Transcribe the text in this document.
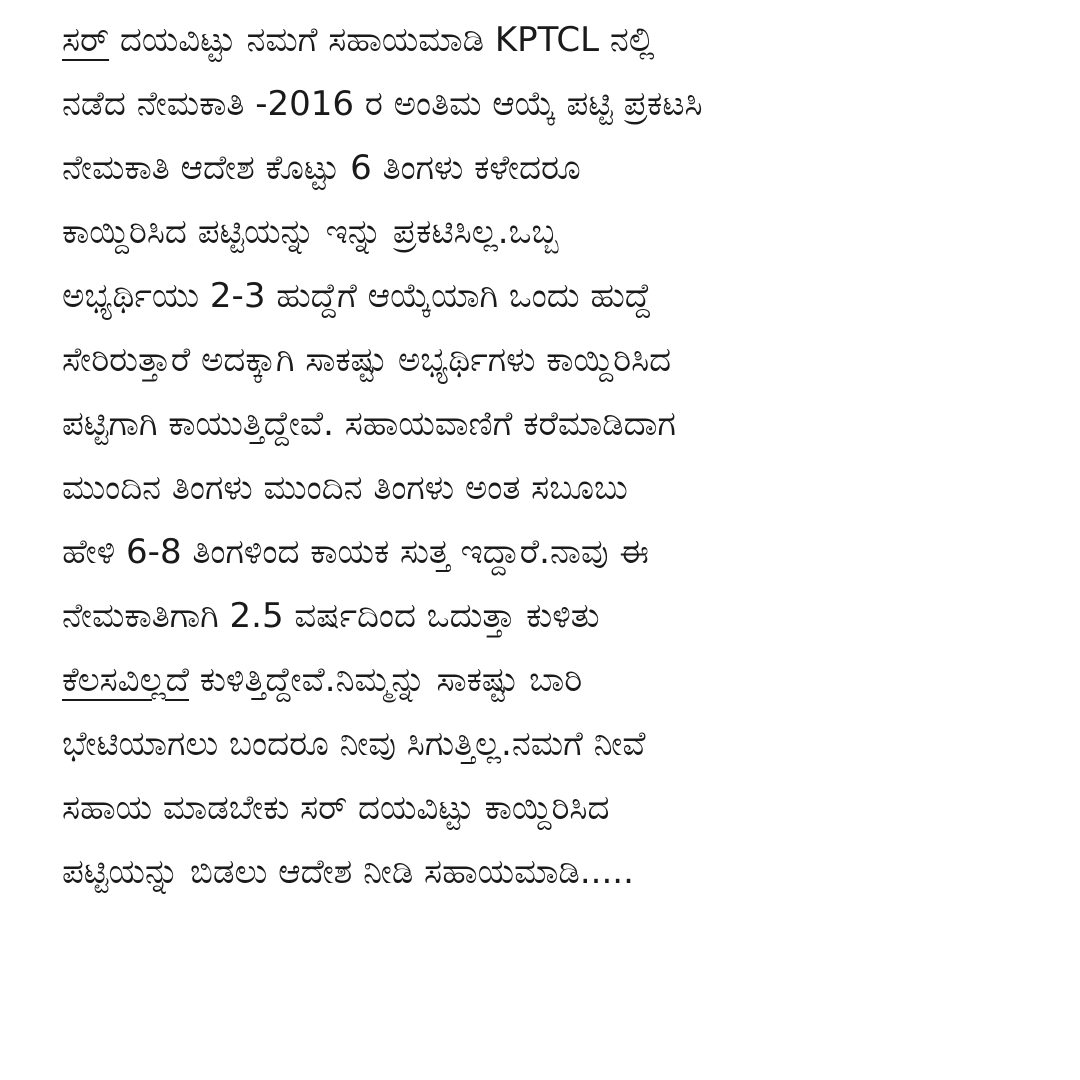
ಸರ್ ದಯವಿಟ್ಟು ನಮಗೆ ಸಹಾಯಮಾಡಿ KPTCL ನಲ್ಲಿ
ನಡೆದ ನೇಮಕಾತಿ -2016 ರ ಅಂತಿಮ ಆಯ್ಕೆ ಪಟ್ಟಿ ಪ್ರಕಟಸಿ
ನೇಮಕಾತಿ ಆದೇಶ ಕೊಟ್ಟು 6 ತಿಂಗಳು ಕಳೇದರೂ
ಕಾಯ್ದಿರಿಸಿದ ಪಟ್ಟಿಯನ್ನು ಇನ್ನು ಪ್ರಕಟಿಸಿಲ್ಲ.ಒಬ್ಬ
ಅಭ್ಯರ್ಥಿಯು 2-3 ಹುದ್ದೆಗೆ ಆಯ್ಕೆಯಾಗಿ ಒಂದು ಹುದ್ದೆ
ಸೇರಿರುತ್ತಾರೆ ಅದಕ್ಕಾಗಿ ಸಾಕಷ್ಟು ಅಭ್ಯರ್ಥಿಗಳು ಕಾಯ್ದಿರಿಸಿದ
ಪಟ್ಟಿಗಾಗಿ ಕಾಯುತ್ತಿದ್ದೇವೆ. ಸಹಾಯವಾಣಿಗೆ ಕರೆಮಾಡಿದಾಗ
ಮುಂದಿನ ತಿಂಗಳು ಮುಂದಿನ ತಿಂಗಳು ಅಂತ ಸಬೂಬು
ಹೇಳಿ 6-8 ತಿಂಗಳಿಂದ ಕಾಯಕ ಸುತ್ತ ಇದ್ದಾರೆ.ನಾವು ಈ
ನೇಮಕಾತಿಗಾಗಿ 2.5 ವರ್ಷದಿಂದ ಒದುತ್ತಾ ಕುಳಿತು
ಕೆಲಸವಿಲ್ಲದೆ ಕುಳಿತ್ತಿದ್ದೇವೆ.ನಿಮ್ಮನ್ನು ಸಾಕಷ್ಟು ಬಾರಿ
ಭೇಟಿಯಾಗಲು ಬಂದರೂ ನೀವು ಸಿಗುತ್ತಿಲ್ಲ.ನಮಗೆ ನೀವೆ
ಸಹಾಯ ಮಾಡಬೇಕು ಸರ್ ದಯವಿಟ್ಟು ಕಾಯ್ದಿರಿಸಿದ
ಪಟ್ಟಿಯನ್ನು ಬಿಡಲು ಆದೇಶ ನೀಡಿ ಸಹಾಯಮಾಡಿ.....
